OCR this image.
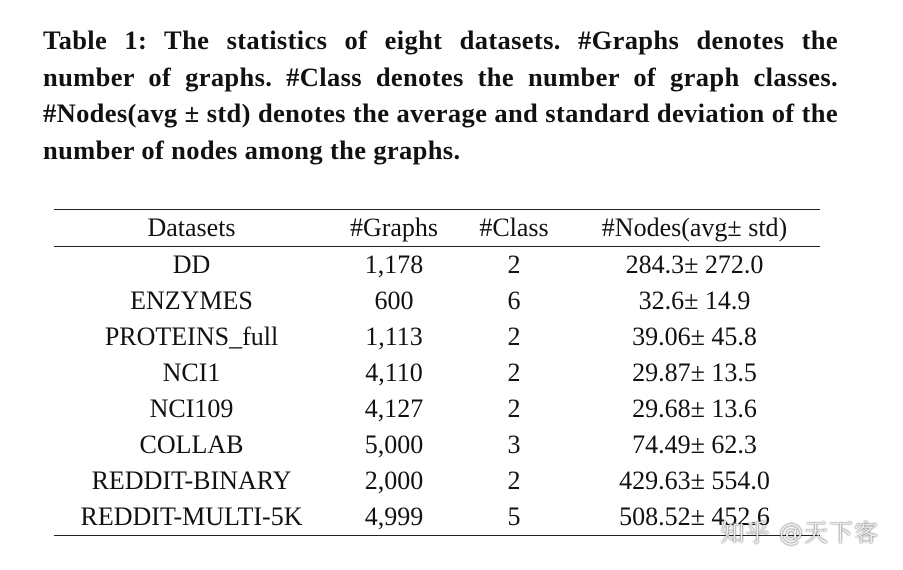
Table 1: The statistics of eight datasets. #Graphs denotes the number of graphs. #Class denotes the number of graph classes. #Nodes(avg ± std) denotes the average and standard deviation of the number of nodes among the graphs.

Datasets	#Graphs	#Class	#Nodes(avg± std)
DD	1,178	2	284.3± 272.0
ENZYMES	600	6	32.6± 14.9
PROTEINS_full	1,113	2	39.06± 45.8
NCI1	4,110	2	29.87± 13.5
NCI109	4,127	2	29.68± 13.6
COLLAB	5,000	3	74.49± 62.3
REDDIT-BINARY	2,000	2	429.63± 554.0
REDDIT-MULTI-5K	4,999	5	508.52± 452.6
知乎 @天下客
